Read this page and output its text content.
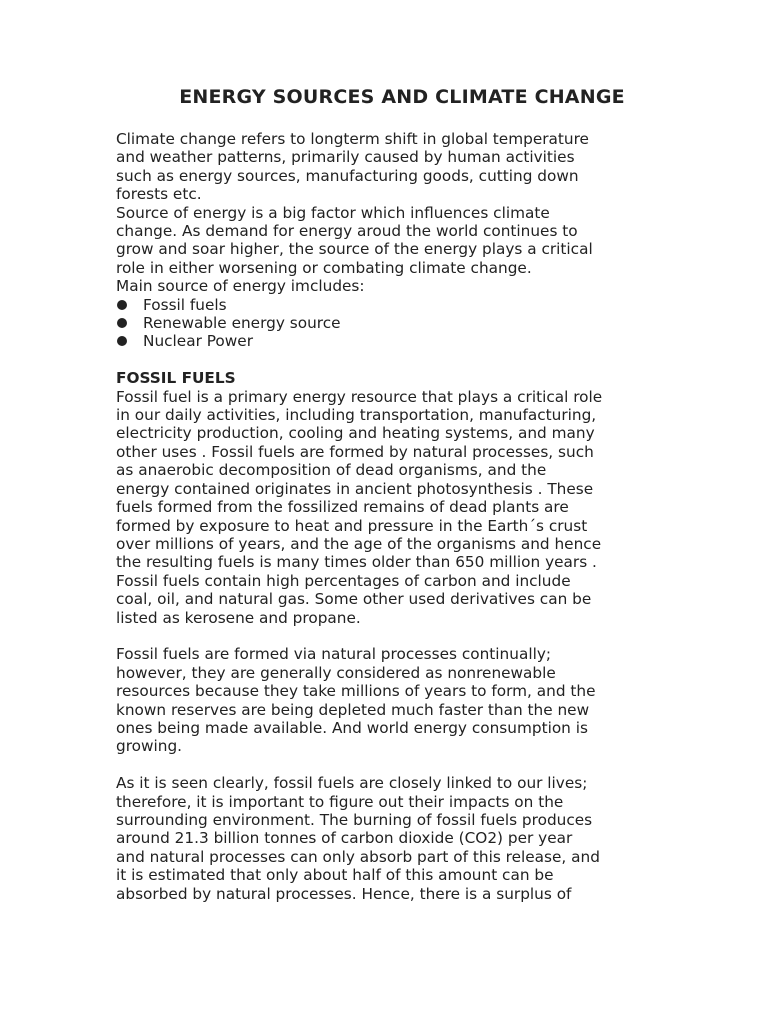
ENERGY SOURCES AND CLIMATE CHANGE
Climate change refers to longterm shift in global temperature
and weather patterns, primarily caused by human activities
such as energy sources, manufacturing goods, cutting down
forests etc.
Source of energy is a big factor which influences climate
change. As demand for energy aroud the world continues to
grow and soar higher, the source of the energy plays a critical
role in either worsening or combating climate change.
Main source of energy imcludes:
Fossil fuels
Renewable energy source
Nuclear Power
FOSSIL FUELS
Fossil fuel is a primary energy resource that plays a critical role
in our daily activities, including transportation, manufacturing,
electricity production, cooling and heating systems, and many
other uses . Fossil fuels are formed by natural processes, such
as anaerobic decomposition of dead organisms, and the
energy contained originates in ancient photosynthesis . These
fuels formed from the fossilized remains of dead plants are
formed by exposure to heat and pressure in the Earth´s crust
over millions of years, and the age of the organisms and hence
the resulting fuels is many times older than 650 million years .
Fossil fuels contain high percentages of carbon and include
coal, oil, and natural gas. Some other used derivatives can be
listed as kerosene and propane.
Fossil fuels are formed via natural processes continually;
however, they are generally considered as nonrenewable
resources because they take millions of years to form, and the
known reserves are being depleted much faster than the new
ones being made available. And world energy consumption is
growing.
As it is seen clearly, fossil fuels are closely linked to our lives;
therefore, it is important to figure out their impacts on the
surrounding environment. The burning of fossil fuels produces
around 21.3 billion tonnes of carbon dioxide (CO2) per year
and natural processes can only absorb part of this release, and
it is estimated that only about half of this amount can be
absorbed by natural processes. Hence, there is a surplus of
